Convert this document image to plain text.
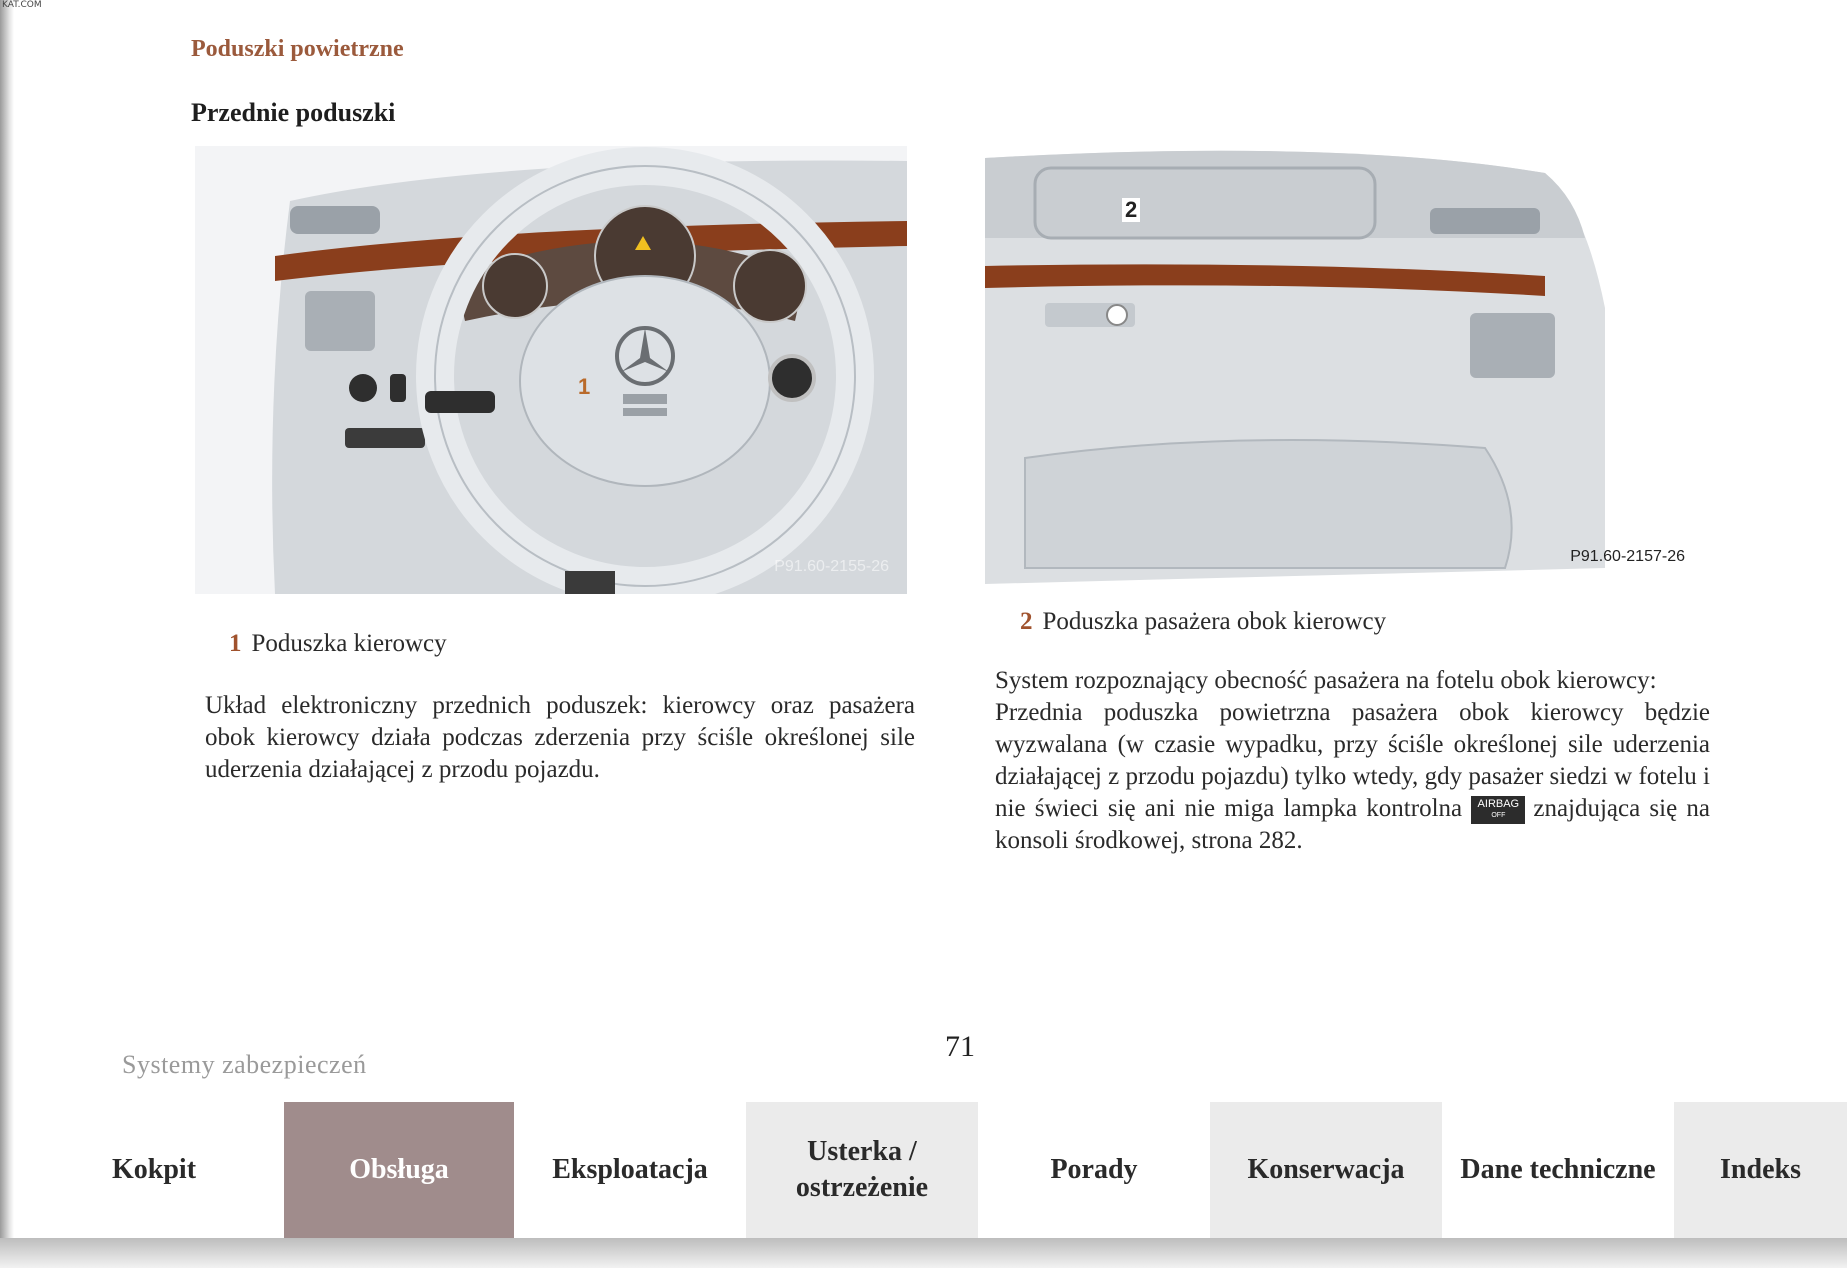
KAT.COM
Poduszki powietrzne
Przednie poduszki
1
P91.60-2155-26
2
P91.60-2157-26
1 Poduszka kierowcy
2 Poduszka pasażera obok kierowcy
Układ elektroniczny przednich poduszek: kierowcy oraz pasażera obok kierowcy działa podczas zderzenia przy ściśle określonej sile uderzenia działającej z przodu pojazdu.
System rozpoznający obecność pasażera na fotelu obok kierowcy:
Przednia poduszka powietrzna pasażera obok kierowcy będzie wyzwalana (w czasie wypadku, przy ściśle określonej sile uderzenia działającej z przodu pojazdu) tylko wtedy, gdy pasażer siedzi w fotelu i nie świeci się ani nie miga lampka kontrolna AIRBAG
OFF	znajdująca się na konsoli środkowej, strona 282.
71
Systemy zabezpieczeń
Kokpit	Obsługa	Eksploatacja
Usterka / ostrzeżenie
Porady	Konserwacja	Dane techniczne	Indeks
